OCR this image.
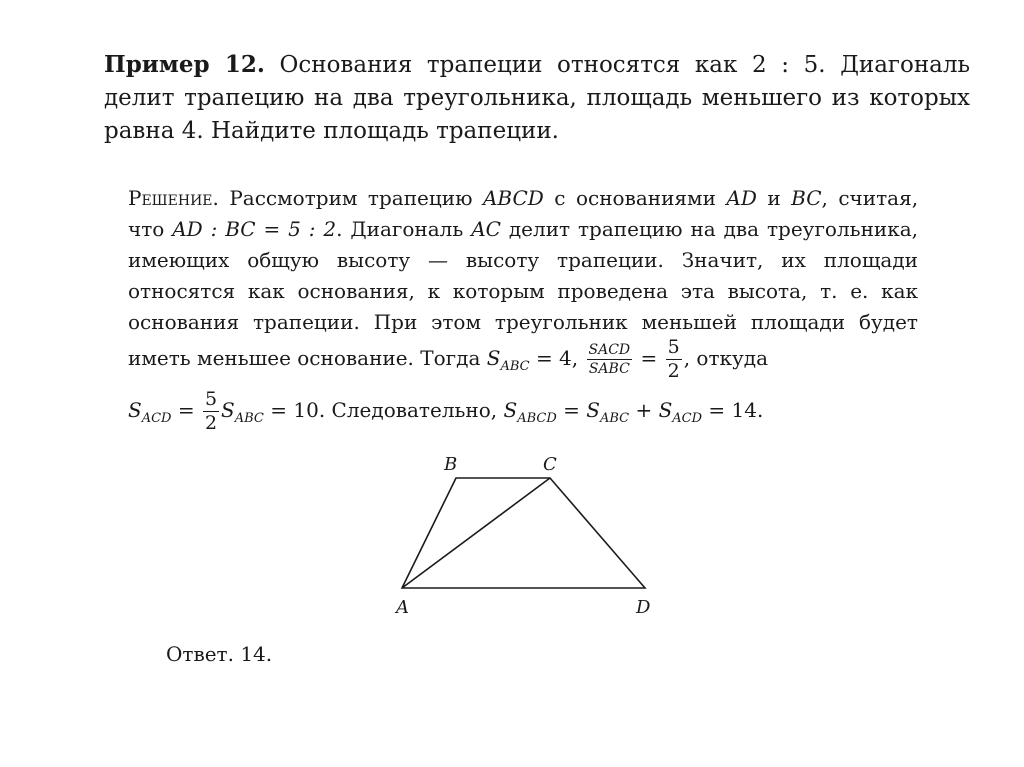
Пример 12. Основания трапеции относятся как 2 : 5. Диагональ делит трапецию на два треугольника, площадь меньшего из которых равна 4. Найдите площадь трапеции.

Решение. Рассмотрим трапецию ABCD с основаниями AD и BC, считая, что AD : BC = 5 : 2. Диагональ AC делит трапецию на два треугольника, имеющих общую высоту — высоту трапеции. Значит, их площади относятся как основания, к которым проведена эта высота, т. е. как основания трапеции. При этом треугольник меньшей площади будет иметь меньшее основание. Тогда $S_{ABC} = 4$, $\frac{\text{SACD}}{\text{SABC}} = \frac{5}{2}$ , откуда

$S_{ACD} = \frac{5}{2} S_{ABC} = 10$. Следовательно, $S_{ABCD} = S_{ABC} + S_{ACD} = 14$.

B	C
A	D
Ответ. 14.
